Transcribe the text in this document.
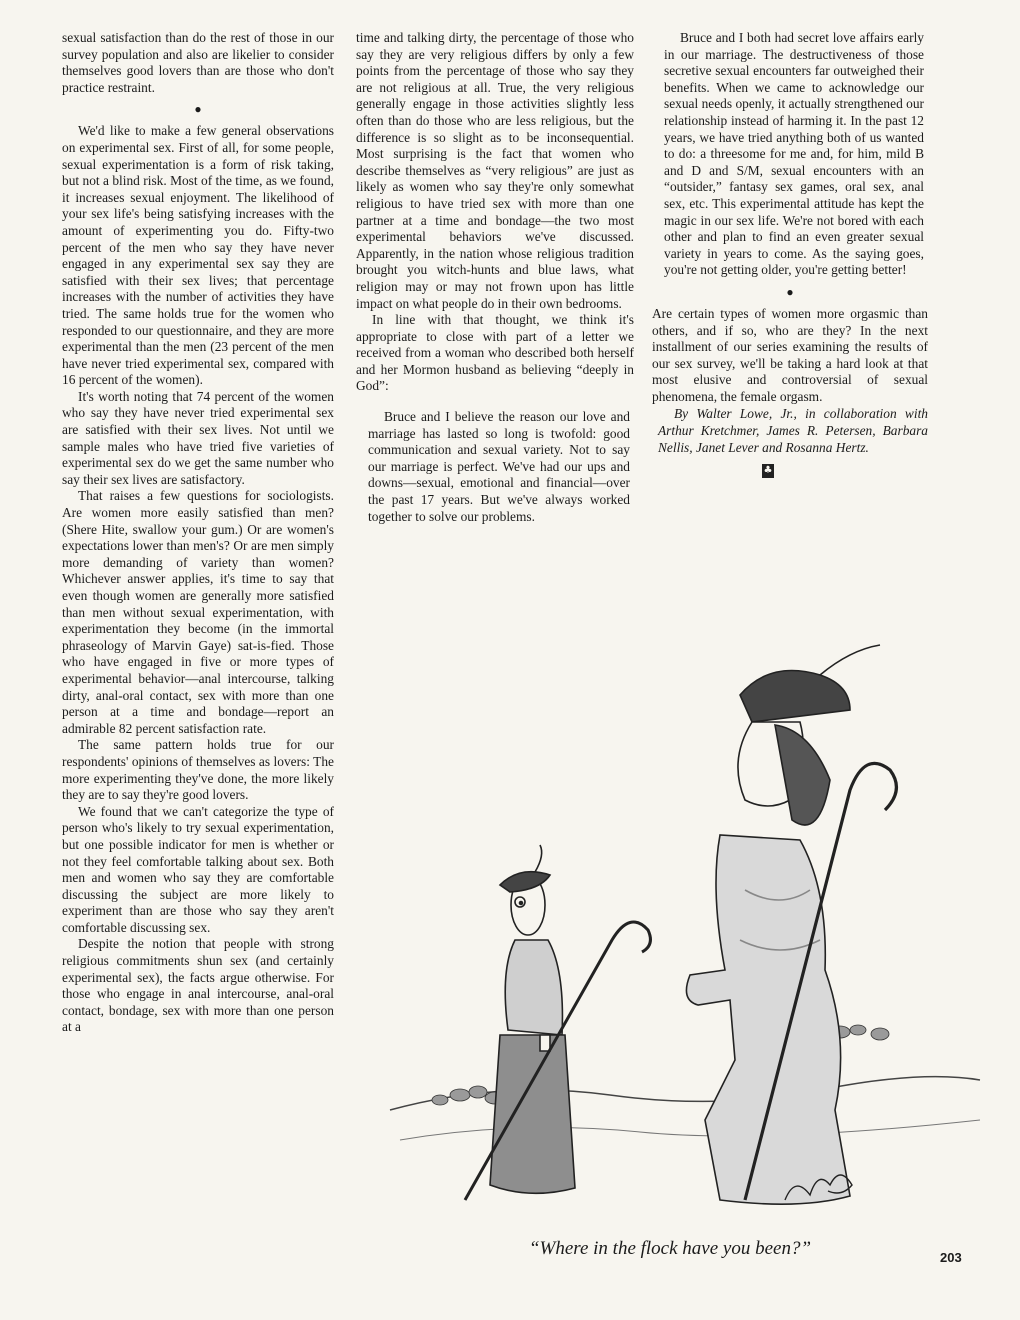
sexual satisfaction than do the rest of those in our survey population and also are likelier to consider themselves good lovers than are those who don't practice restraint.

●

We'd like to make a few general observations on experimental sex. First of all, for some people, sexual experimentation is a form of risk taking, but not a blind risk. Most of the time, as we found, it increases sexual enjoyment. The likelihood of your sex life's being satisfying increases with the amount of experimenting you do. Fifty-two percent of the men who say they have never engaged in any experimental sex say they are satisfied with their sex lives; that percentage increases with the number of activities they have tried. The same holds true for the women who responded to our questionnaire, and they are more experimental than the men (23 percent of the men have never tried experimental sex, compared with 16 percent of the women).

It's worth noting that 74 percent of the women who say they have never tried experimental sex are satisfied with their sex lives. Not until we sample males who have tried five varieties of experimental sex do we get the same number who say their sex lives are satisfactory.

That raises a few questions for sociologists. Are women more easily satisfied than men? (Shere Hite, swallow your gum.) Or are women's expectations lower than men's? Or are men simply more demanding of variety than women? Whichever answer applies, it's time to say that even though women are generally more satisfied than men without sexual experimentation, with experimentation they become (in the immortal phraseology of Marvin Gaye) sat-is-fied. Those who have engaged in five or more types of experimental behavior—anal intercourse, talking dirty, anal-oral contact, sex with more than one person at a time and bondage—report an admirable 82 percent satisfaction rate.

The same pattern holds true for our respondents' opinions of themselves as lovers: The more experimenting they've done, the more likely they are to say they're good lovers.

We found that we can't categorize the type of person who's likely to try sexual experimentation, but one possible indicator for men is whether or not they feel comfortable talking about sex. Both men and women who say they are comfortable discussing the subject are more likely to experiment than are those who say they aren't comfortable discussing sex.

Despite the notion that people with strong religious commitments shun sex (and certainly experimental sex), the facts argue otherwise. For those who engage in anal intercourse, anal-oral contact, bondage, sex with more than one person at a

time and talking dirty, the percentage of those who say they are very religious differs by only a few points from the percentage of those who say they are not religious at all. True, the very religious generally engage in those activities slightly less often than do those who are less religious, but the difference is so slight as to be inconsequential. Most surprising is the fact that women who describe themselves as “very religious” are just as likely as women who say they're only somewhat religious to have tried sex with more than one partner at a time and bondage—the two most experimental behaviors we've discussed. Apparently, in the nation whose religious tradition brought you witch-hunts and blue laws, what religion may or may not frown upon has little impact on what people do in their own bedrooms.

In line with that thought, we think it's appropriate to close with part of a letter we received from a woman who described both herself and her Mormon husband as believing “deeply in God”:

Bruce and I believe the reason our love and marriage has lasted so long is twofold: good communication and sexual variety. Not to say our marriage is perfect. We've had our ups and downs—sexual, emotional and financial—over the past 17 years. But we've always worked together to solve our problems.

Bruce and I both had secret love affairs early in our marriage. The destructiveness of those secretive sexual encounters far outweighed their benefits. When we came to acknowledge our sexual needs openly, it actually strengthened our relationship instead of harming it. In the past 12 years, we have tried anything both of us wanted to do: a threesome for me and, for him, mild B and D and S/M, sexual encounters with an “outsider,” fantasy sex games, oral sex, anal sex, etc. This experimental attitude has kept the magic in our sex life. We're not bored with each other and plan to find an even greater sexual variety in years to come. As the saying goes, you're not getting older, you're getting better!

●

Are certain types of women more orgasmic than others, and if so, who are they? In the next installment of our series examining the results of our sex survey, we'll be taking a hard look at that most elusive and controversial of sexual phenomena, the female orgasm.

By Walter Lowe, Jr., in collaboration with Arthur Kretchmer, James R. Petersen, Barbara Nellis, Janet Lever and Rosanna Hertz.

♣
“Where in the flock have you been?”	203
